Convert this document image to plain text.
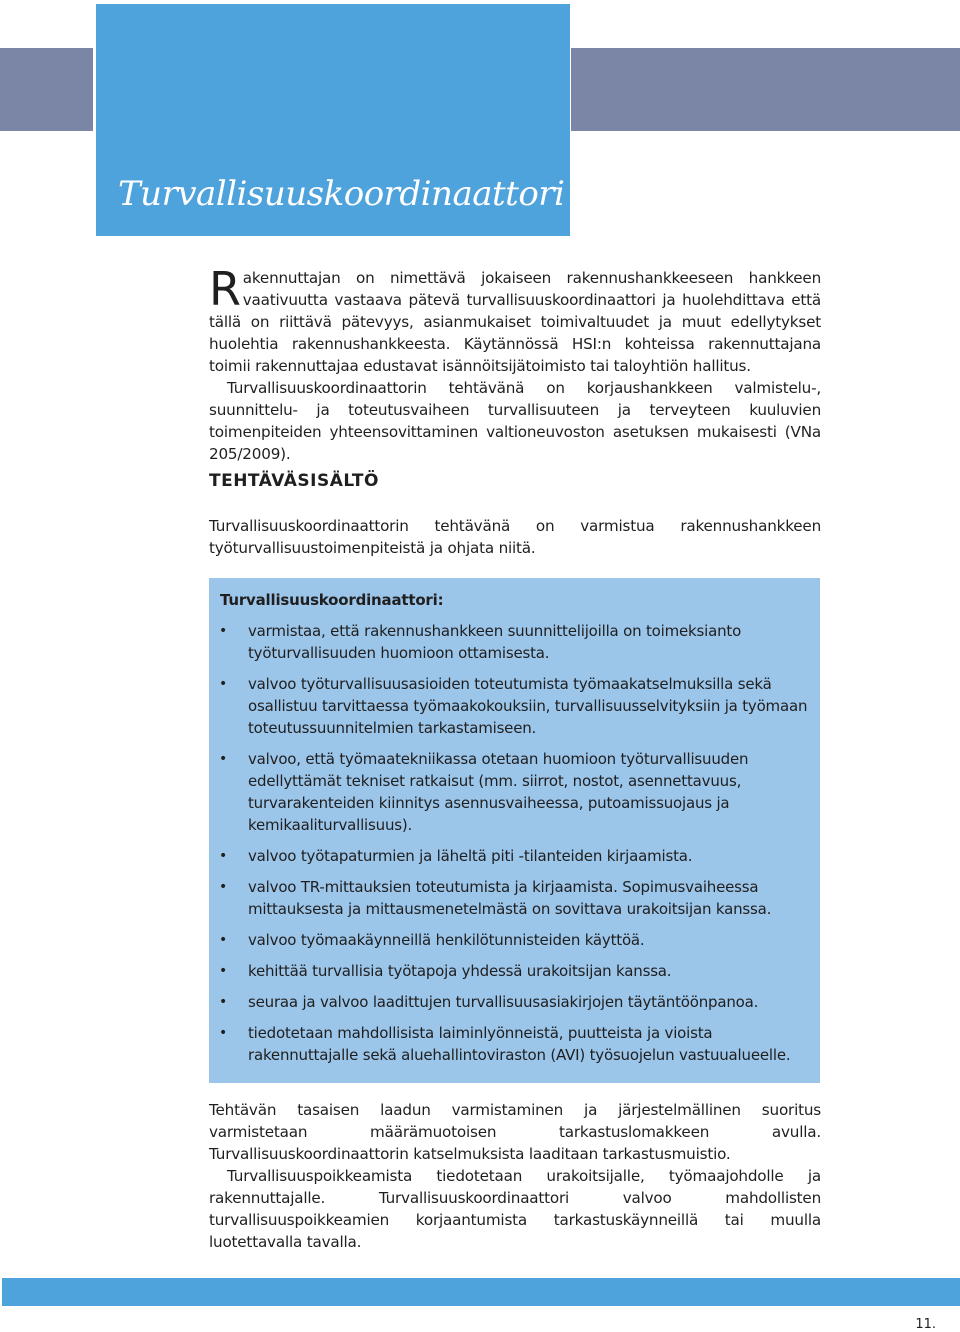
Turvallisuuskoordinaattori

Rakennuttajan on nimettävä jokaiseen rakennushankkeeseen hankkeen vaativuutta vastaava pätevä turvallisuuskoordinaattori ja huolehdittava että tällä on riittävä pätevyys, asianmukaiset toimivaltuudet ja muut edellytykset huolehtia rakennushankkeesta. Käytännössä HSI:n kohteissa rakennuttajana toimii rakennuttajaa edustavat isännöitsijätoimisto tai taloyhtiön hallitus.

Turvallisuuskoordinaattorin tehtävänä on korjaushankkeen valmistelu-, suunnittelu- ja toteutusvaiheen turvallisuuteen ja terveyteen kuuluvien toimenpiteiden yhteensovittaminen valtioneuvoston asetuksen mukaisesti (VNa 205/2009).

TEHTÄVÄSISÄLTÖ

Turvallisuuskoordinaattorin tehtävänä on varmistua rakennushankkeen työturvallisuustoimenpiteistä ja ohjata niitä.

Turvallisuuskoordinaattori:

• varmistaa, että rakennushankkeen suunnittelijoilla on toimeksianto työturvallisuuden huomioon ottamisesta.
• valvoo työturvallisuusasioiden toteutumista työmaakatselmuksilla sekä osallistuu tarvittaessa työmaakokouksiin, turvallisuusselvityksiin ja työmaan toteutussuunnitelmien tarkastamiseen.
• valvoo, että työmaatekniikassa otetaan huomioon työturvallisuuden edellyttämät tekniset ratkaisut (mm. siirrot, nostot, asennettavuus, turvarakenteiden kiinnitys asennusvaiheessa, putoamissuojaus ja kemikaaliturvallisuus).
• valvoo työtapaturmien ja läheltä piti -tilanteiden kirjaamista.
• valvoo TR-mittauksien toteutumista ja kirjaamista. Sopimusvaiheessa mittauksesta ja mittausmenetelmästä on sovittava urakoitsijan kanssa.
• valvoo työmaakäynneillä henkilötunnisteiden käyttöä.
• kehittää turvallisia työtapoja yhdessä urakoitsijan kanssa.
• seuraa ja valvoo laadittujen turvallisuusasiakirjojen täytäntöönpanoa.
• tiedotetaan mahdollisista laiminlyönneistä, puutteista ja vioista rakennuttajalle sekä aluehallintoviraston (AVI) työsuojelun vastuualueelle.

Tehtävän tasaisen laadun varmistaminen ja järjestelmällinen suoritus varmistetaan määrämuotoisen tarkastuslomakkeen avulla. Turvallisuuskoordinaattorin katselmuksista laaditaan tarkastusmuistio.

Turvallisuuspoikkeamista tiedotetaan urakoitsijalle, työmaajohdolle ja rakennuttajalle. Turvallisuuskoordinaattori valvoo mahdollisten turvallisuuspoikkeamien korjaantumista tarkastuskäynneillä tai muulla luotettavalla tavalla.

11.
